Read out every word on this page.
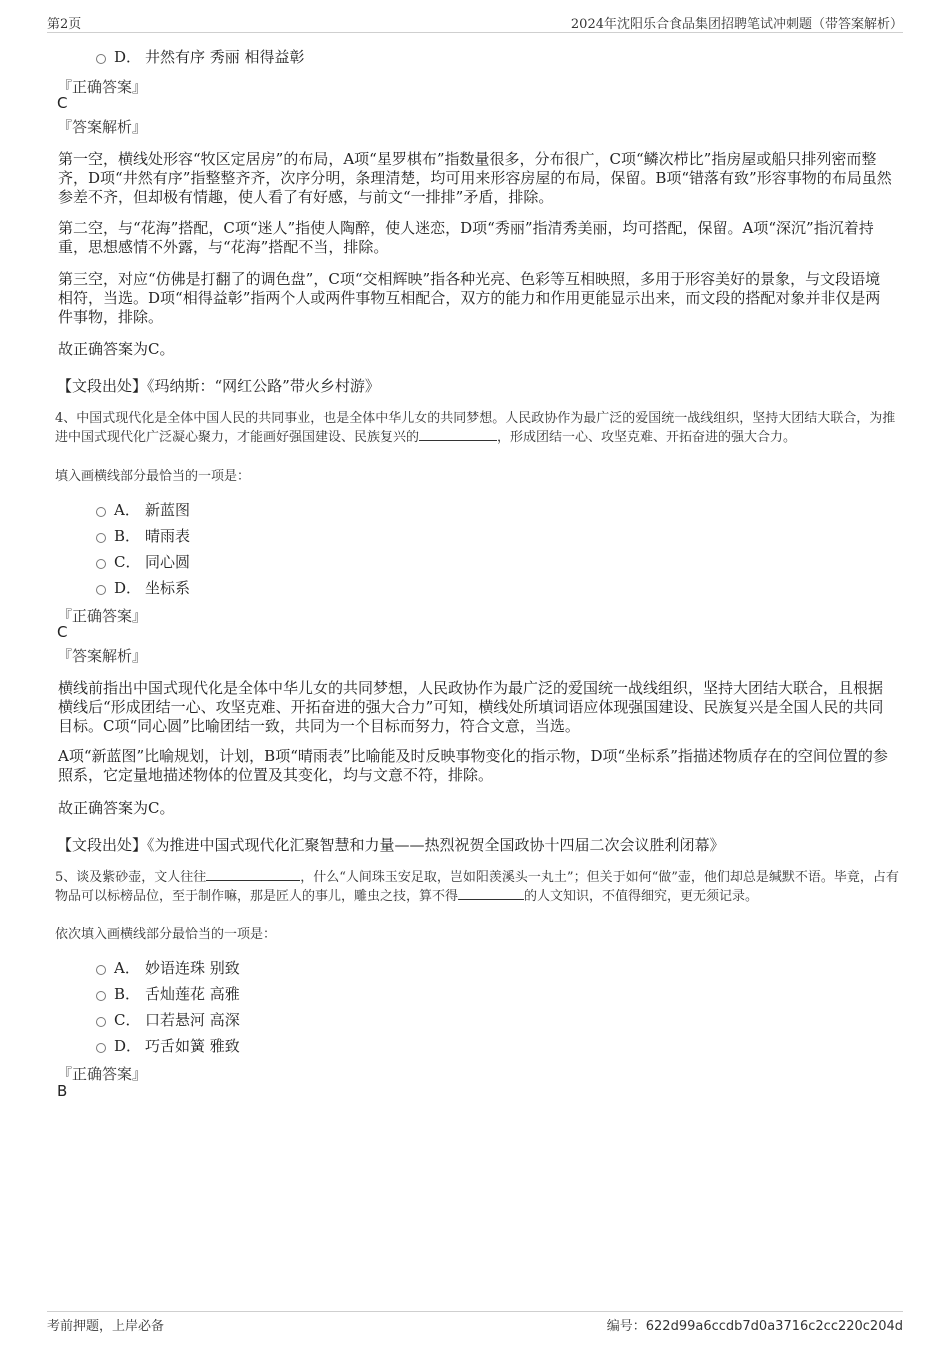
第2页	2024年沈阳乐合食品集团招聘笔试冲刺题（带答案解析）
D． 井然有序 秀丽 相得益彰
『正确答案』
C
『答案解析』
第一空，横线处形容“牧区定居房”的布局，A项“星罗棋布”指数量很多，分布很广，C项“鳞次栉比”指房屋或船只排列密而整齐，D项“井然有序”指整整齐齐，次序分明，条理清楚，均可用来形容房屋的布局，保留。B项“错落有致”形容事物的布局虽然参差不齐，但却极有情趣，使人看了有好感，与前文“一排排”矛盾，排除。
第二空，与“花海”搭配，C项“迷人”指使人陶醉，使人迷恋，D项“秀丽”指清秀美丽，均可搭配，保留。A项“深沉”指沉着持重，思想感情不外露，与“花海”搭配不当，排除。
第三空，对应“仿佛是打翻了的调色盘”，C项“交相辉映”指各种光亮、色彩等互相映照，多用于形容美好的景象，与文段语境相符，当选。D项“相得益彰”指两个人或两件事物互相配合，双方的能力和作用更能显示出来，而文段的搭配对象并非仅是两件事物，排除。
故正确答案为C。
【文段出处】《玛纳斯：“网红公路”带火乡村游》
4、中国式现代化是全体中国人民的共同事业，也是全体中华儿女的共同梦想。人民政协作为最广泛的爱国统一战线组织，坚持大团结大联合，为推进中国式现代化广泛凝心聚力，才能画好强国建设、民族复兴的	，形成团结一心、攻坚克难、开拓奋进的强大合力。
填入画横线部分最恰当的一项是：
A． 新蓝图
B． 晴雨表
C． 同心圆
D． 坐标系
『正确答案』
C
『答案解析』
横线前指出中国式现代化是全体中华儿女的共同梦想，人民政协作为最广泛的爱国统一战线组织，坚持大团结大联合，且根据横线后“形成团结一心、攻坚克难、开拓奋进的强大合力”可知，横线处所填词语应体现强国建设、民族复兴是全国人民的共同目标。C项“同心圆”比喻团结一致，共同为一个目标而努力，符合文意，当选。
A项“新蓝图”比喻规划，计划，B项“晴雨表”比喻能及时反映事物变化的指示物，D项“坐标系”指描述物质存在的空间位置的参照系，它定量地描述物体的位置及其变化，均与文意不符，排除。
故正确答案为C。
【文段出处】《为推进中国式现代化汇聚智慧和力量——热烈祝贺全国政协十四届二次会议胜利闭幕》
5、谈及紫砂壶，文人往往	，什么“人间珠玉安足取，岂如阳羡溪头一丸土”；但关于如何“做”壶，他们却总是缄默不语。毕竟，占有物品可以标榜品位，至于制作嘛，那是匠人的事儿，雕虫之技，算不得	的人文知识，不值得细究，更无须记录。
依次填入画横线部分最恰当的一项是：
A． 妙语连珠 别致
B． 舌灿莲花 高雅
C． 口若悬河 高深
D． 巧舌如簧 雅致
『正确答案』
B
考前押题，上岸必备	编号：622d99a6ccdb7d0a3716c2cc220c204d
